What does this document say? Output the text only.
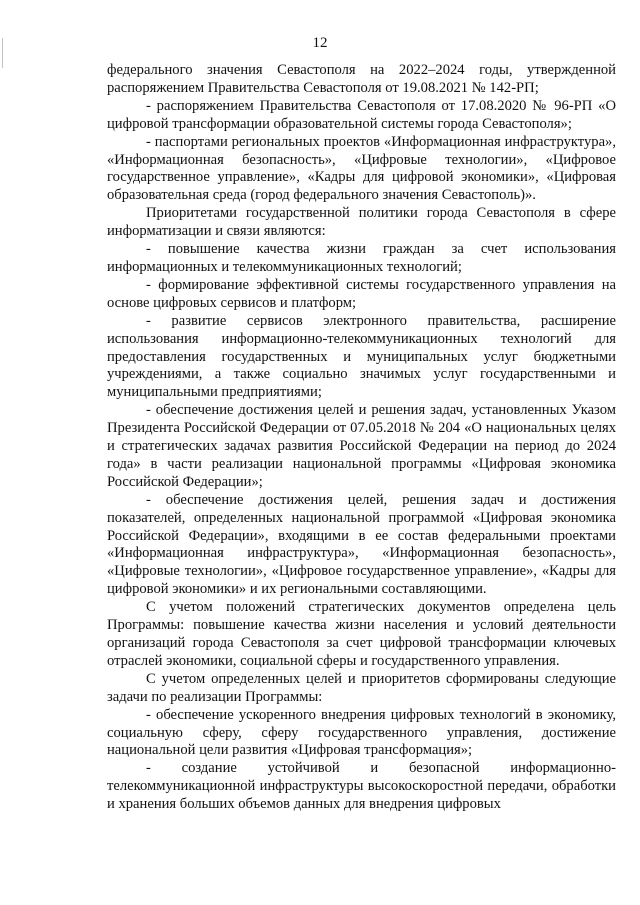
12

федерального значения Севастополя на 2022–2024 годы, утвержденной распоряжением Правительства Севастополя от 19.08.2021 № 142-РП;

- распоряжением Правительства Севастополя от 17.08.2020 № 96-РП «О цифровой трансформации образовательной системы города Севастополя»;

- паспортами региональных проектов «Информационная инфраструктура», «Информационная безопасность», «Цифровые технологии», «Цифровое государственное управление», «Кадры для цифровой экономики», «Цифровая образовательная среда (город федерального значения Севастополь)».

Приоритетами государственной политики города Севастополя в сфере информатизации и связи являются:

- повышение качества жизни граждан за счет использования информационных и телекоммуникационных технологий;

- формирование эффективной системы государственного управления на основе цифровых сервисов и платформ;

- развитие сервисов электронного правительства, расширение использования информационно-телекоммуникационных технологий для предоставления государственных и муниципальных услуг бюджетными учреждениями, а также социально значимых услуг государственными и муниципальными предприятиями;

- обеспечение достижения целей и решения задач, установленных Указом Президента Российской Федерации от 07.05.2018 № 204 «О национальных целях и стратегических задачах развития Российской Федерации на период до 2024 года» в части реализации национальной программы «Цифровая экономика Российской Федерации»;

- обеспечение достижения целей, решения задач и достижения показателей, определенных национальной программой «Цифровая экономика Российской Федерации», входящими в ее состав федеральными проектами «Информационная инфраструктура», «Информационная безопасность», «Цифровые технологии», «Цифровое государственное управление», «Кадры для цифровой экономики» и их региональными составляющими.

С учетом положений стратегических документов определена цель Программы: повышение качества жизни населения и условий деятельности организаций города Севастополя за счет цифровой трансформации ключевых отраслей экономики, социальной сферы и государственного управления.

С учетом определенных целей и приоритетов сформированы следующие задачи по реализации Программы:

- обеспечение ускоренного внедрения цифровых технологий в экономику, социальную сферу, сферу государственного управления, достижение национальной цели развития «Цифровая трансформация»;

- создание устойчивой и безопасной информационно-телекоммуникационной инфраструктуры высокоскоростной передачи, обработки и хранения больших объемов данных для внедрения цифровых
